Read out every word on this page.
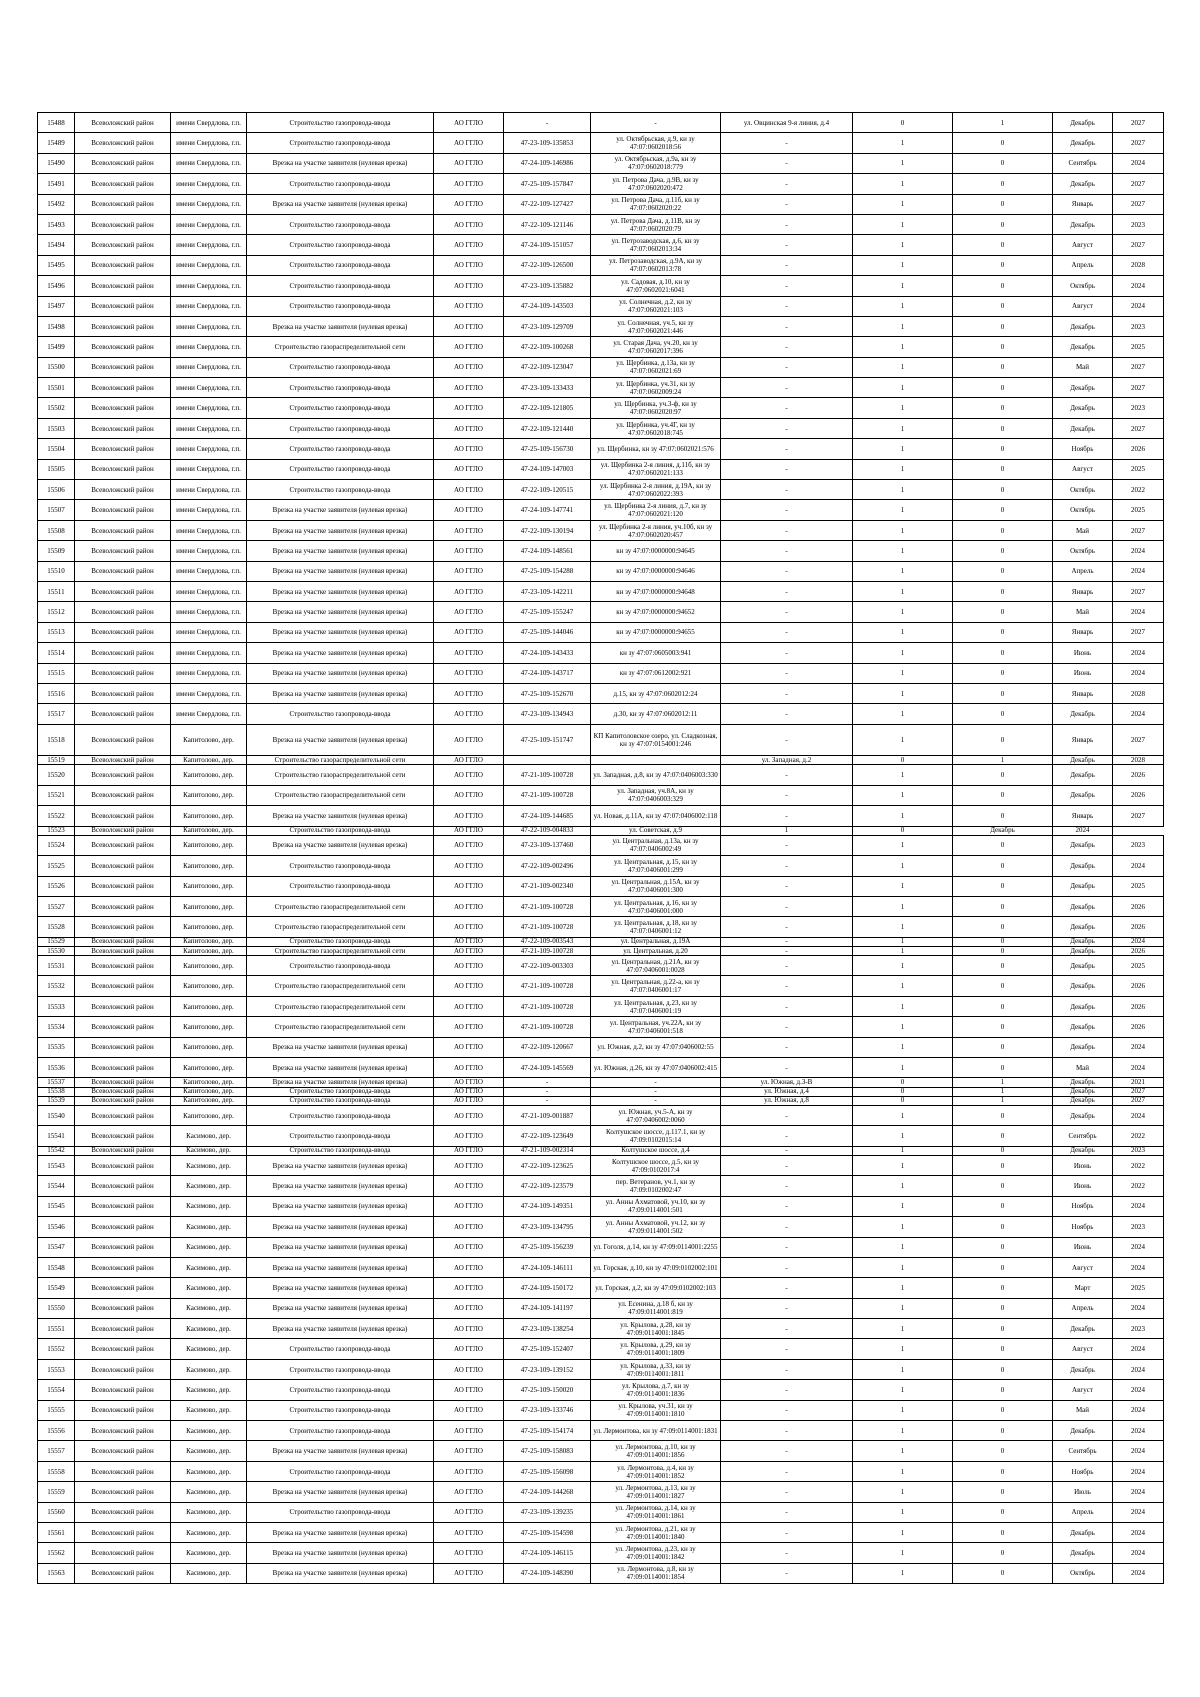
15488	Всеволожский район	имени Свердлова, г.п.	Строительство газопровода-ввода	АО ГГЛО	-	-	ул. Овцинская 9-я линия, д.4	0	1	Декабрь	2027
15489	Всеволожский район	имени Свердлова, г.п.	Строительство газопровода-ввода	АО ГГЛО	47-23-109-135853	ул. Октябрьская, д.9, кн зу 47:07:0602018:56	-	1	0	Декабрь	2027
15490	Всеволожский район	имени Свердлова, г.п.	Врезка на участке заявителя (нулевая врезка)	АО ГГЛО	47-24-109-146986	ул. Октябрьская, д.9а, кн зу 47:07:0602018:779	-	1	0	Сентябрь	2024
15491	Всеволожский район	имени Свердлова, г.п.	Строительство газопровода-ввода	АО ГГЛО	47-25-109-157847	ул. Петрова Дача, д.9В, кн зу 47:07:0602020:472	-	1	0	Декабрь	2027
15492	Всеволожский район	имени Свердлова, г.п.	Врезка на участке заявителя (нулевая врезка)	АО ГГЛО	47-22-109-127427	ул. Петрова Дача, д.11б, кн зу 47:07:0602020:22	-	1	0	Январь	2027
15493	Всеволожский район	имени Свердлова, г.п.	Строительство газопровода-ввода	АО ГГЛО	47-22-109-121146	ул. Петрова Дача, д.11В, кн зу 47:07:0602020:79	-	1	0	Декабрь	2023
15494	Всеволожский район	имени Свердлова, г.п.	Строительство газопровода-ввода	АО ГГЛО	47-24-109-151057	ул. Петрозаводская, д.6, кн зу 47:07:0602013:34	-	1	0	Август	2027
15495	Всеволожский район	имени Свердлова, г.п.	Строительство газопровода-ввода	АО ГГЛО	47-22-109-126500	ул. Петрозаводская, д.9А, кн зу 47:07:0602013:78	-	1	0	Апрель	2028
15496	Всеволожский район	имени Свердлова, г.п.	Строительство газопровода-ввода	АО ГГЛО	47-23-109-135882	ул. Садовая, д.10, кн зу 47:07:0602021:6041	-	1	0	Октябрь	2024
15497	Всеволожский район	имени Свердлова, г.п.	Строительство газопровода-ввода	АО ГГЛО	47-24-109-143503	ул. Солнечная, д.2, кн зу 47:07:0602021:103	-	1	0	Август	2024
15498	Всеволожский район	имени Свердлова, г.п.	Врезка на участке заявителя (нулевая врезка)	АО ГГЛО	47-23-109-129709	ул. Солнечная, уч.5, кн зу 47:07:0602021:446	-	1	0	Декабрь	2023
15499	Всеволожский район	имени Свердлова, г.п.	Строительство газораспределительной сети	АО ГГЛО	47-22-109-100268	ул. Старая Дача, уч.20, кн зу 47:07:0602017:396	-	1	0	Декабрь	2025
15500	Всеволожский район	имени Свердлова, г.п.	Строительство газопровода-ввода	АО ГГЛО	47-22-109-123047	ул. Щербинка, д.13а, кн зу 47:07:0602021:69	-	1	0	Май	2027
15501	Всеволожский район	имени Свердлова, г.п.	Строительство газопровода-ввода	АО ГГЛО	47-23-109-133433	ул. Щербинка, уч.31, кн зу 47:07:0602009:24	-	1	0	Декабрь	2027
15502	Всеволожский район	имени Свердлова, г.п.	Строительство газопровода-ввода	АО ГГЛО	47-22-109-121805	ул. Щербинка, уч.3-ф, кн зу 47:07:0602020:97	-	1	0	Декабрь	2023
15503	Всеволожский район	имени Свердлова, г.п.	Строительство газопровода-ввода	АО ГГЛО	47-22-109-121440	ул. Щербинка, уч.4Г, кн зу 47:07:0602018:745	-	1	0	Декабрь	2027
15504	Всеволожский район	имени Свердлова, г.п.	Строительство газопровода-ввода	АО ГГЛО	47-25-109-156730	ул. Щербинка, кн зу 47:07:0602021:576	-	1	0	Ноябрь	2026
15505	Всеволожский район	имени Свердлова, г.п.	Строительство газопровода-ввода	АО ГГЛО	47-24-109-147003	ул. Щербинка 2-я линия, д.11б, кн зу 47:07:0602021:133	-	1	0	Август	2025
15506	Всеволожский район	имени Свердлова, г.п.	Строительство газопровода-ввода	АО ГГЛО	47-22-109-120515	ул. Щербинка 2-я линия, д.19А, кн зу 47:07:0602022:393	-	1	0	Октябрь	2022
15507	Всеволожский район	имени Свердлова, г.п.	Врезка на участке заявителя (нулевая врезка)	АО ГГЛО	47-24-109-147741	ул. Щербинка 2-я линия, д.7, кн зу 47:07:0602021:120	-	1	0	Октябрь	2025
15508	Всеволожский район	имени Свердлова, г.п.	Врезка на участке заявителя (нулевая врезка)	АО ГГЛО	47-22-109-130194	ул. Щербинка 2-я линия, уч.10б, кн зу 47:07:0602020:457	-	1	0	Май	2027
15509	Всеволожский район	имени Свердлова, г.п.	Врезка на участке заявителя (нулевая врезка)	АО ГГЛО	47-24-109-148561	кн зу 47:07:0000000:94645	-	1	0	Октябрь	2024
15510	Всеволожский район	имени Свердлова, г.п.	Врезка на участке заявителя (нулевая врезка)	АО ГГЛО	47-25-109-154288	кн зу 47:07:0000000:94646	-	1	0	Апрель	2024
15511	Всеволожский район	имени Свердлова, г.п.	Врезка на участке заявителя (нулевая врезка)	АО ГГЛО	47-23-109-142211	кн зу 47:07:0000000:94648	-	1	0	Январь	2027
15512	Всеволожский район	имени Свердлова, г.п.	Врезка на участке заявителя (нулевая врезка)	АО ГГЛО	47-25-109-155247	кн зу 47:07:0000000:94652	-	1	0	Май	2024
15513	Всеволожский район	имени Свердлова, г.п.	Врезка на участке заявителя (нулевая врезка)	АО ГГЛО	47-25-109-144046	кн зу 47:07:0000000:94655	-	1	0	Январь	2027
15514	Всеволожский район	имени Свердлова, г.п.	Врезка на участке заявителя (нулевая врезка)	АО ГГЛО	47-24-109-143433	кн зу 47:07:0605003:941	-	1	0	Июнь	2024
15515	Всеволожский район	имени Свердлова, г.п.	Врезка на участке заявителя (нулевая врезка)	АО ГГЛО	47-24-109-143717	кн зу 47:07:0612002:921	-	1	0	Июнь	2024
15516	Всеволожский район	имени Свердлова, г.п.	Врезка на участке заявителя (нулевая врезка)	АО ГГЛО	47-25-109-152670	д.15, кн зу 47:07:0602012:24	-	1	0	Январь	2028
15517	Всеволожский район	имени Свердлова, г.п.	Строительство газопровода-ввода	АО ГГЛО	47-23-109-134943	д.30, кн зу 47:07:0602012:11	-	1	0	Декабрь	2024
15518	Всеволожский район	Капитолово, дер.	Врезка на участке заявителя (нулевая врезка)	АО ГГЛО	47-25-109-151747	КП Капитоловское озеро, ул. Сладкозная, кн зу 47:07:0154001:246	-	1	0	Январь	2027
15519	Всеволожский район	Капитолово, дер.	Строительство газораспределительной сети	АО ГГЛО			ул. Западная, д.2	0	1	Декабрь	2028
15520	Всеволожский район	Капитолово, дер.	Строительство газораспределительной сети	АО ГГЛО	47-21-109-100728	ул. Западная, д.8, кн зу 47:07:0406003:330	-	1	0	Декабрь	2026
15521	Всеволожский район	Капитолово, дер.	Строительство газораспределительной сети	АО ГГЛО	47-21-109-100728	ул. Западная, уч.8А, кн зу 47:07:0406003:329	-	1	0	Декабрь	2026
15522	Всеволожский район	Капитолово, дер.	Врезка на участке заявителя (нулевая врезка)	АО ГГЛО	47-24-109-144685	ул. Новая, д.11А, кн зу 47:07:0406002:118	-	1	0	Январь	2027
15523	Всеволожский район	Капитолово, дер.	Строительство газопровода-ввода	АО ГГЛО	47-22-109-004833	ул. Советская, д.9	1	0	Декабрь	2024	
15524	Всеволожский район	Капитолово, дер.	Врезка на участке заявителя (нулевая врезка)	АО ГГЛО	47-23-109-137460	ул. Центральная, д.13а, кн зу 47:07:0406002:49	-	1	0	Декабрь	2023
15525	Всеволожский район	Капитолово, дер.	Строительство газопровода-ввода	АО ГГЛО	47-22-109-002496	ул. Центральная, д.15, кн зу 47:07:0406001:299	-	1	0	Декабрь	2024
15526	Всеволожский район	Капитолово, дер.	Строительство газопровода-ввода	АО ГГЛО	47-21-109-002340	ул. Центральная, д.15А, кн зу 47:07:0406001:300	-	1	0	Декабрь	2025
15527	Всеволожский район	Капитолово, дер.	Строительство газораспределительной сети	АО ГГЛО	47-21-109-100728	ул. Центральная, д.16, кн зу 47:07:0406001:000	-	1	0	Декабрь	2026
15528	Всеволожский район	Капитолово, дер.	Строительство газораспределительной сети	АО ГГЛО	47-21-109-100728	ул. Центральная, д.18, кн зу 47:07:0406001:12	-	1	0	Декабрь	2026
15529	Всеволожский район	Капитолово, дер.	Строительство газопровода-ввода	АО ГГЛО	47-22-109-003543	ул. Центральная, д.19А	-	1	0	Декабрь	2024
15530	Всеволожский район	Капитолово, дер.	Строительство газораспределительной сети	АО ГГЛО	47-21-109-100728	ул. Центральная, д.20	-	1	0	Декабрь	2026
15531	Всеволожский район	Капитолово, дер.	Строительство газопровода-ввода	АО ГГЛО	47-22-109-003303	ул. Центральная, д.21А, кн зу 47:07:0406001:0028	-	1	0	Декабрь	2025
15532	Всеволожский район	Капитолово, дер.	Строительство газораспределительной сети	АО ГГЛО	47-21-109-100728	ул. Центральная, д.22-а, кн зу 47:07:0406001:17	-	1	0	Декабрь	2026
15533	Всеволожский район	Капитолово, дер.	Строительство газораспределительной сети	АО ГГЛО	47-21-109-100728	ул. Центральная, д.23, кн зу 47:07:0406001:19	-	1	0	Декабрь	2026
15534	Всеволожский район	Капитолово, дер.	Строительство газораспределительной сети	АО ГГЛО	47-21-109-100728	ул. Центральная, уч.22А, кн зу 47:07:0406001:518	-	1	0	Декабрь	2026
15535	Всеволожский район	Капитолово, дер.	Врезка на участке заявителя (нулевая врезка)	АО ГГЛО	47-22-109-120667	ул. Южная, д.2, кн зу 47:07:0406002:55	-	1	0	Декабрь	2024
15536	Всеволожский район	Капитолово, дер.	Врезка на участке заявителя (нулевая врезка)	АО ГГЛО	47-24-109-145569	ул. Южная, д.26, кн зу 47:07:0406002:415	-	1	0	Май	2024
15537	Всеволожский район	Капитолово, дер.	Врезка на участке заявителя (нулевая врезка)	АО ГГЛО	-	-	ул. Южная, д.3-В	0	1	Декабрь	2021
15538	Всеволожский район	Капитолово, дер.	Строительство газопровода-ввода	АО ГГЛО	-	-	ул. Южная, д.4	0	1	Декабрь	2027
15539	Всеволожский район	Капитолово, дер.	Строительство газопровода-ввода	АО ГГЛО	-	-	ул. Южная, д.8	0	1	Декабрь	2027
15540	Всеволожский район	Капитолово, дер.	Строительство газопровода-ввода	АО ГГЛО	47-21-109-001887	ул. Южная, уч.5-А, кн зу 47:07:0406002:0060	-	1	0	Декабрь	2024
15541	Всеволожский район	Касимово, дер.	Строительство газопровода-ввода	АО ГГЛО	47-22-109-123649	Колтушское шоссе, д.117.1, кн зу 47:09:0102015:14	-	1	0	Сентябрь	2022
15542	Всеволожский район	Касимово, дер.	Строительство газопровода-ввода	АО ГГЛО	47-21-109-002314	Колтушское шоссе, д.4	-	1	0	Декабрь	2023
15543	Всеволожский район	Касимово, дер.	Врезка на участке заявителя (нулевая врезка)	АО ГГЛО	47-22-109-123625	Колтушское шоссе, д.5, кн зу 47:09:0102017:4	-	1	0	Июнь	2022
15544	Всеволожский район	Касимово, дер.	Врезка на участке заявителя (нулевая врезка)	АО ГГЛО	47-22-109-123579	пер. Ветеранов, уч.1, кн зу 47:09:0102002:47	-	1	0	Июнь	2022
15545	Всеволожский район	Касимово, дер.	Врезка на участке заявителя (нулевая врезка)	АО ГГЛО	47-24-109-149351	ул. Анны Ахматовой, уч.10, кн зу 47:09:0114001:501	-	1	0	Ноябрь	2024
15546	Всеволожский район	Касимово, дер.	Врезка на участке заявителя (нулевая врезка)	АО ГГЛО	47-23-109-134795	ул. Анны Ахматовой, уч.12, кн зу 47:09:0114001:502	-	1	0	Ноябрь	2023
15547	Всеволожский район	Касимово, дер.	Врезка на участке заявителя (нулевая врезка)	АО ГГЛО	47-25-109-156239	ул. Гоголя, д.14, кн зу 47:09:0114001:2255	-	1	0	Июнь	2024
15548	Всеволожский район	Касимово, дер.	Врезка на участке заявителя (нулевая врезка)	АО ГГЛО	47-24-109-146111	ул. Горская, д.10, кн зу 47:09:0102002:101	-	1	0	Август	2024
15549	Всеволожский район	Касимово, дер.	Врезка на участке заявителя (нулевая врезка)	АО ГГЛО	47-24-109-150172	ул. Горская, д.2, кн зу 47:09:0102002:103	-	1	0	Март	2025
15550	Всеволожский район	Касимово, дер.	Врезка на участке заявителя (нулевая врезка)	АО ГГЛО	47-24-109-141197	ул. Есенина, д.18 б, кн зу 47:09:0114001:819	-	1	0	Апрель	2024
15551	Всеволожский район	Касимово, дер.	Врезка на участке заявителя (нулевая врезка)	АО ГГЛО	47-23-109-138254	ул. Крылова, д.28, кн зу 47:09:0114001:1845	-	1	0	Декабрь	2023
15552	Всеволожский район	Касимово, дер.	Строительство газопровода-ввода	АО ГГЛО	47-25-109-152407	ул. Крылова, д.29, кн зу 47:09:0114001:1809	-	1	0	Август	2024
15553	Всеволожский район	Касимово, дер.	Строительство газопровода-ввода	АО ГГЛО	47-23-109-139152	ул. Крылова, д.33, кн зу 47:09:0114001:1811	-	1	0	Декабрь	2024
15554	Всеволожский район	Касимово, дер.	Строительство газопровода-ввода	АО ГГЛО	47-25-109-150020	ул. Крылова, д.7, кн зу 47:09:0114001:1836	-	1	0	Август	2024
15555	Всеволожский район	Касимово, дер.	Строительство газопровода-ввода	АО ГГЛО	47-23-109-133746	ул. Крылова, уч.31, кн зу 47:09:0114001:1810	-	1	0	Май	2024
15556	Всеволожский район	Касимово, дер.	Строительство газопровода-ввода	АО ГГЛО	47-25-109-154174	ул. Лермонтова, кн зу 47:09:0114001:1831	-	1	0	Декабрь	2024
15557	Всеволожский район	Касимово, дер.	Врезка на участке заявителя (нулевая врезка)	АО ГГЛО	47-25-109-158083	ул. Лермонтова, д.10, кн зу 47:09:0114001:1856	-	1	0	Сентябрь	2024
15558	Всеволожский район	Касимово, дер.	Строительство газопровода-ввода	АО ГГЛО	47-25-109-156098	ул. Лермонтова, д.4, кн зу 47:09:0114001:1852	-	1	0	Ноябрь	2024
15559	Всеволожский район	Касимово, дер.	Врезка на участке заявителя (нулевая врезка)	АО ГГЛО	47-24-109-144268	ул. Лермонтова, д.13, кн зу 47:09:0114001:1827	-	1	0	Июль	2024
15560	Всеволожский район	Касимово, дер.	Строительство газопровода-ввода	АО ГГЛО	47-23-109-139235	ул. Лермонтова, д.14, кн зу 47:09:0114001:1861	-	1	0	Апрель	2024
15561	Всеволожский район	Касимово, дер.	Врезка на участке заявителя (нулевая врезка)	АО ГГЛО	47-25-109-154598	ул. Лермонтова, д.21, кн зу 47:09:0114001:1840	-	1	0	Декабрь	2024
15562	Всеволожский район	Касимово, дер.	Врезка на участке заявителя (нулевая врезка)	АО ГГЛО	47-24-109-146115	ул. Лермонтова, д.23, кн зу 47:09:0114001:1842	-	1	0	Декабрь	2024
15563	Всеволожский район	Касимово, дер.	Врезка на участке заявителя (нулевая врезка)	АО ГГЛО	47-24-109-148390	ул. Лермонтова, д.8, кн зу 47:09:0114001:1854	-	1	0	Октябрь	2024
